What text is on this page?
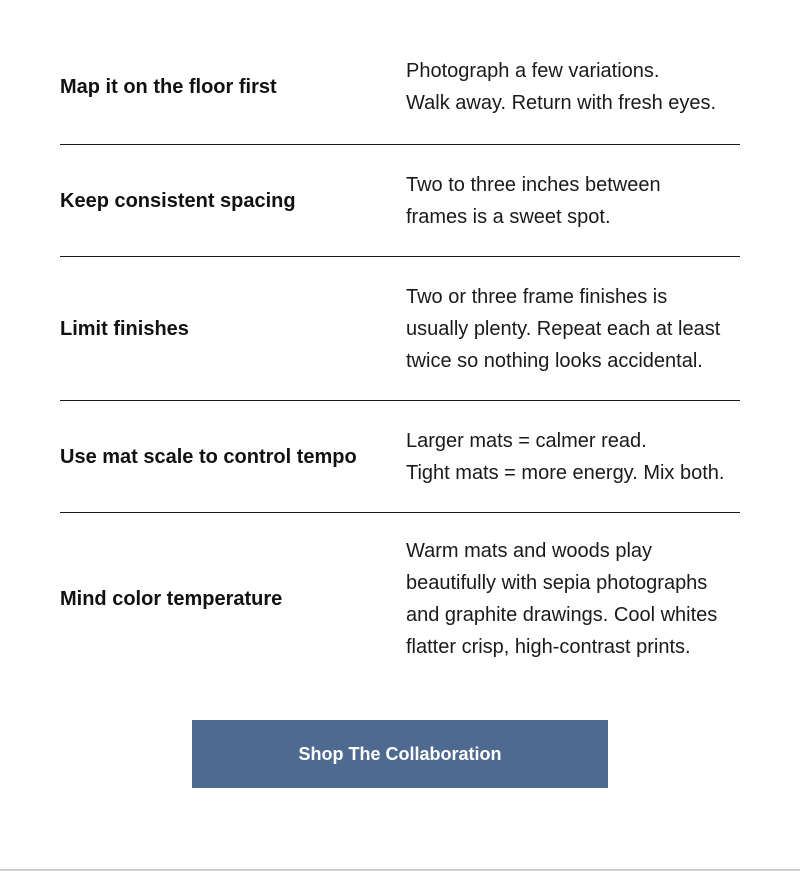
Map it on the floor first
Photograph a few variations.
Walk away. Return with fresh eyes.
Keep consistent spacing
Two to three inches between
frames is a sweet spot.
Limit finishes
Two or three frame finishes is
usually plenty. Repeat each at least
twice so nothing looks accidental.
Use mat scale to control tempo
Larger mats = calmer read.
Tight mats = more energy. Mix both.
Mind color temperature
Warm mats and woods play
beautifully with sepia photographs
and graphite drawings. Cool whites
flatter crisp, high-contrast prints.
Shop The Collaboration
